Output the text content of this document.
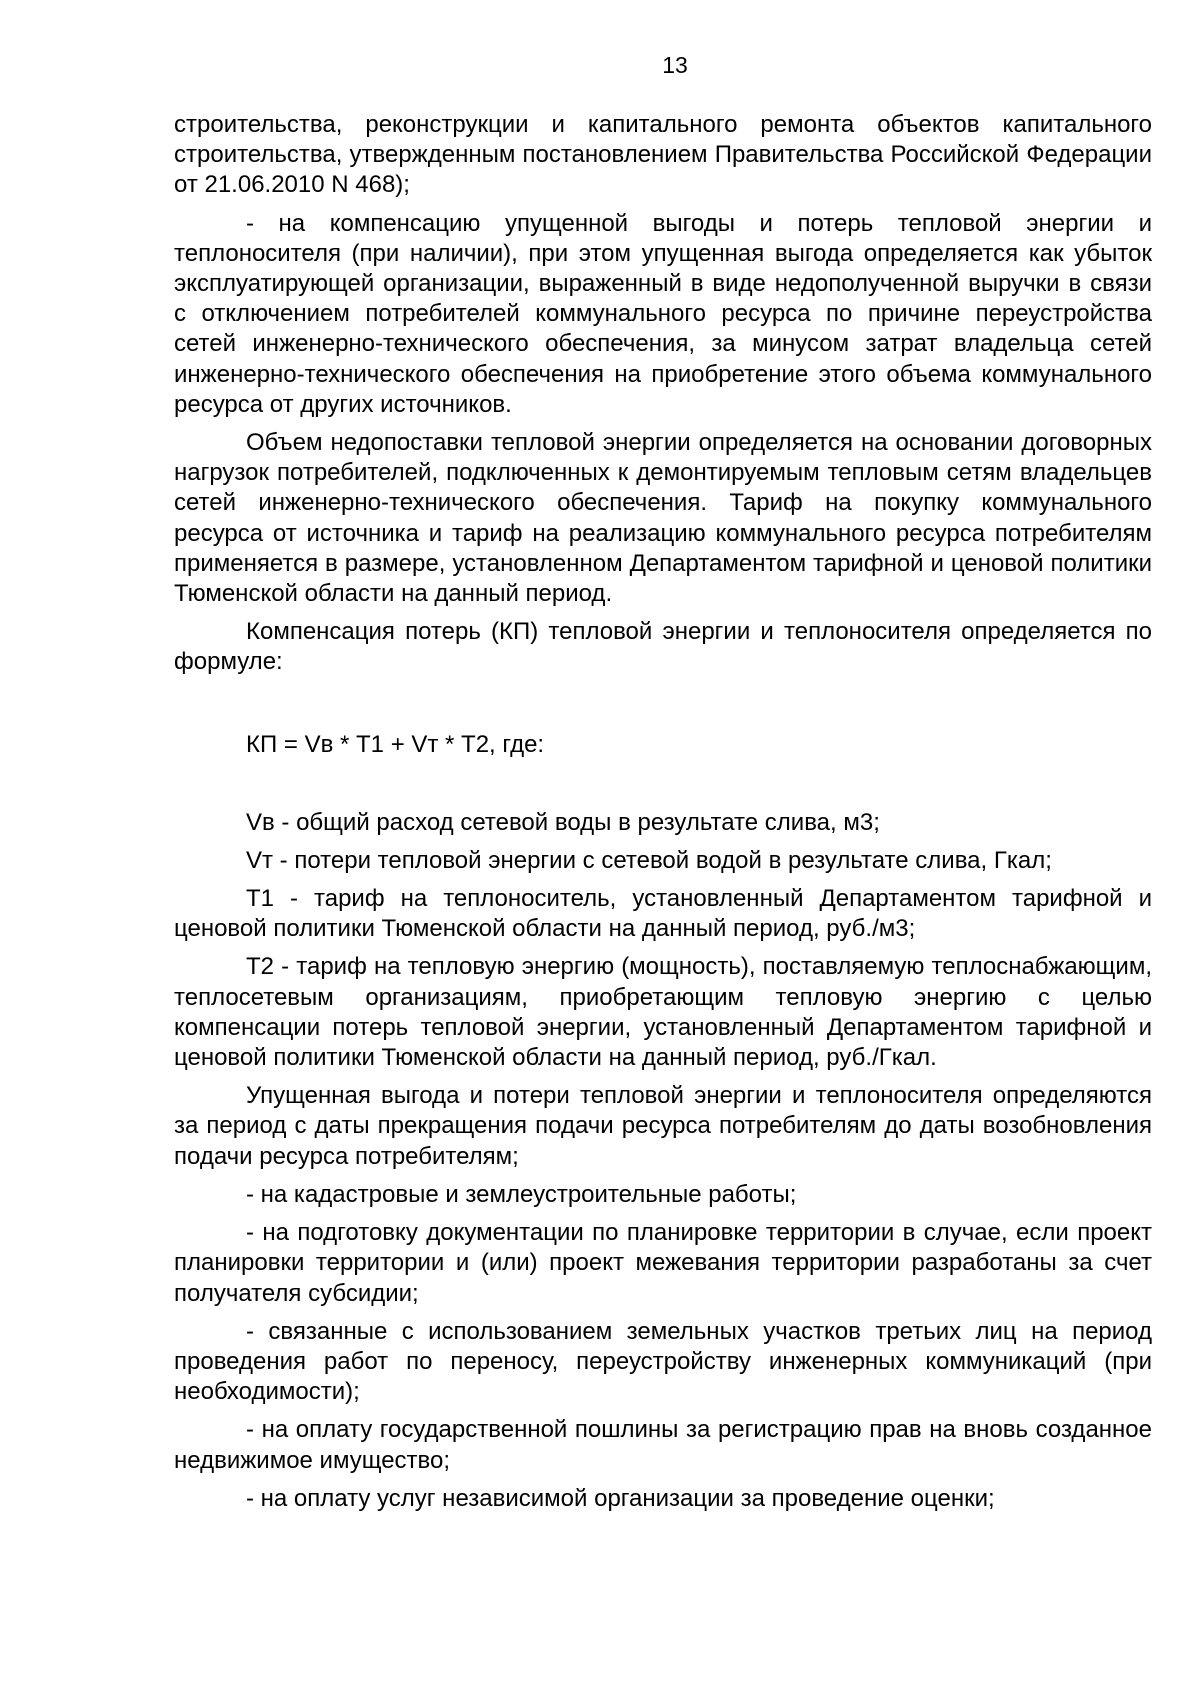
13

строительства, реконструкции и капитального ремонта объектов капитального строительства, утвержденным постановлением Правительства Российской Федерации от 21.06.2010 N 468);

- на компенсацию упущенной выгоды и потерь тепловой энергии и теплоносителя (при наличии), при этом упущенная выгода определяется как убыток эксплуатирующей организации, выраженный в виде недополученной выручки в связи с отключением потребителей коммунального ресурса по причине переустройства сетей инженерно-технического обеспечения, за минусом затрат владельца сетей инженерно-технического обеспечения на приобретение этого объема коммунального ресурса от других источников.

Объем недопоставки тепловой энергии определяется на основании договорных нагрузок потребителей, подключенных к демонтируемым тепловым сетям владельцев сетей инженерно-технического обеспечения. Тариф на покупку коммунального ресурса от источника и тариф на реализацию коммунального ресурса потребителям применяется в размере, установленном Департаментом тарифной и ценовой политики Тюменской области на данный период.

Компенсация потерь (КП) тепловой энергии и теплоносителя определяется по формуле:

КП = Vв * Т1 + Vт * Т2, где:

Vв - общий расход сетевой воды в результате слива, м3;

Vт - потери тепловой энергии с сетевой водой в результате слива, Гкал;

Т1 - тариф на теплоноситель, установленный Департаментом тарифной и ценовой политики Тюменской области на данный период, руб./м3;

Т2 - тариф на тепловую энергию (мощность), поставляемую теплоснабжающим, теплосетевым организациям, приобретающим тепловую энергию с целью компенсации потерь тепловой энергии, установленный Департаментом тарифной и ценовой политики Тюменской области на данный период, руб./Гкал.

Упущенная выгода и потери тепловой энергии и теплоносителя определяются за период с даты прекращения подачи ресурса потребителям до даты возобновления подачи ресурса потребителям;

- на кадастровые и землеустроительные работы;

- на подготовку документации по планировке территории в случае, если проект планировки территории и (или) проект межевания территории разработаны за счет получателя субсидии;

- связанные с использованием земельных участков третьих лиц на период проведения работ по переносу, переустройству инженерных коммуникаций (при необходимости);

- на оплату государственной пошлины за регистрацию прав на вновь созданное недвижимое имущество;

- на оплату услуг независимой организации за проведение оценки;
